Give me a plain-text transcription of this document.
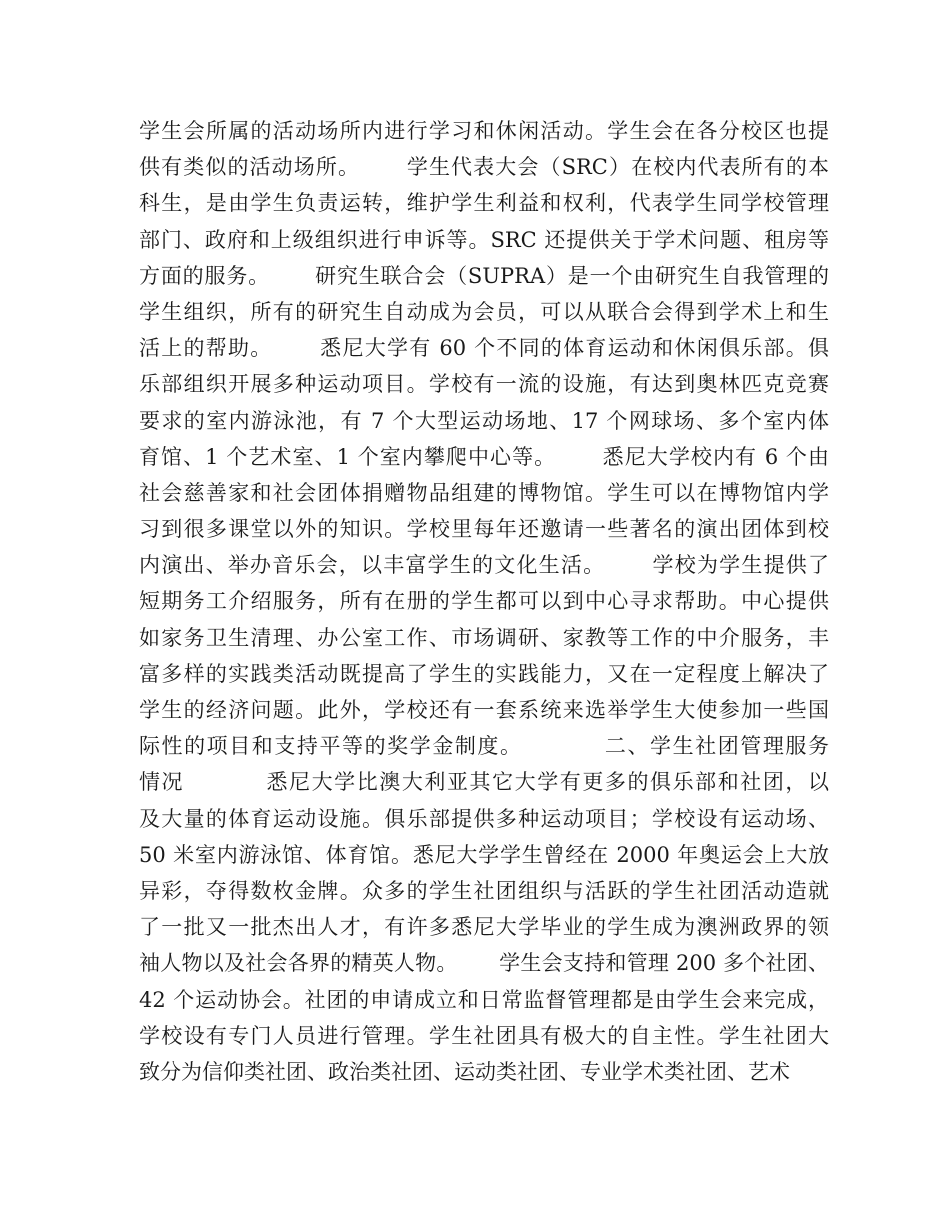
学生会所属的活动场所内进行学习和休闲活动。学生会在各分校区也提
供有类似的活动场所。      学生代表大会（SRC）在校内代表所有的本
科生，是由学生负责运转，维护学生利益和权利，代表学生同学校管理
部门、政府和上级组织进行申诉等。SRC 还提供关于学术问题、租房等
方面的服务。      研究生联合会（SUPRA）是一个由研究生自我管理的
学生组织，所有的研究生自动成为会员，可以从联合会得到学术上和生
活上的帮助。      悉尼大学有 60 个不同的体育运动和休闲俱乐部。俱
乐部组织开展多种运动项目。学校有一流的设施，有达到奥林匹克竞赛
要求的室内游泳池，有 7 个大型运动场地、17 个网球场、多个室内体
育馆、1 个艺术室、1 个室内攀爬中心等。      悉尼大学校内有 6 个由
社会慈善家和社会团体捐赠物品组建的博物馆。学生可以在博物馆内学
习到很多课堂以外的知识。学校里每年还邀请一些著名的演出团体到校
内演出、举办音乐会，以丰富学生的文化生活。      学校为学生提供了
短期务工介绍服务，所有在册的学生都可以到中心寻求帮助。中心提供
如家务卫生清理、办公室工作、市场调研、家教等工作的中介服务，丰
富多样的实践类活动既提高了学生的实践能力，又在一定程度上解决了
学生的经济问题。此外，学校还有一套系统来选举学生大使参加一些国
际性的项目和支持平等的奖学金制度。          二、学生社团管理服务
情况          悉尼大学比澳大利亚其它大学有更多的俱乐部和社团，以
及大量的体育运动设施。俱乐部提供多种运动项目；学校设有运动场、
50 米室内游泳馆、体育馆。悉尼大学学生曾经在 2000 年奥运会上大放
异彩，夺得数枚金牌。众多的学生社团组织与活跃的学生社团活动造就
了一批又一批杰出人才，有许多悉尼大学毕业的学生成为澳洲政界的领
袖人物以及社会各界的精英人物。      学生会支持和管理 200 多个社团、
42 个运动协会。社团的申请成立和日常监督管理都是由学生会来完成，
学校设有专门人员进行管理。学生社团具有极大的自主性。学生社团大
致分为信仰类社团、政治类社团、运动类社团、专业学术类社团、艺术
